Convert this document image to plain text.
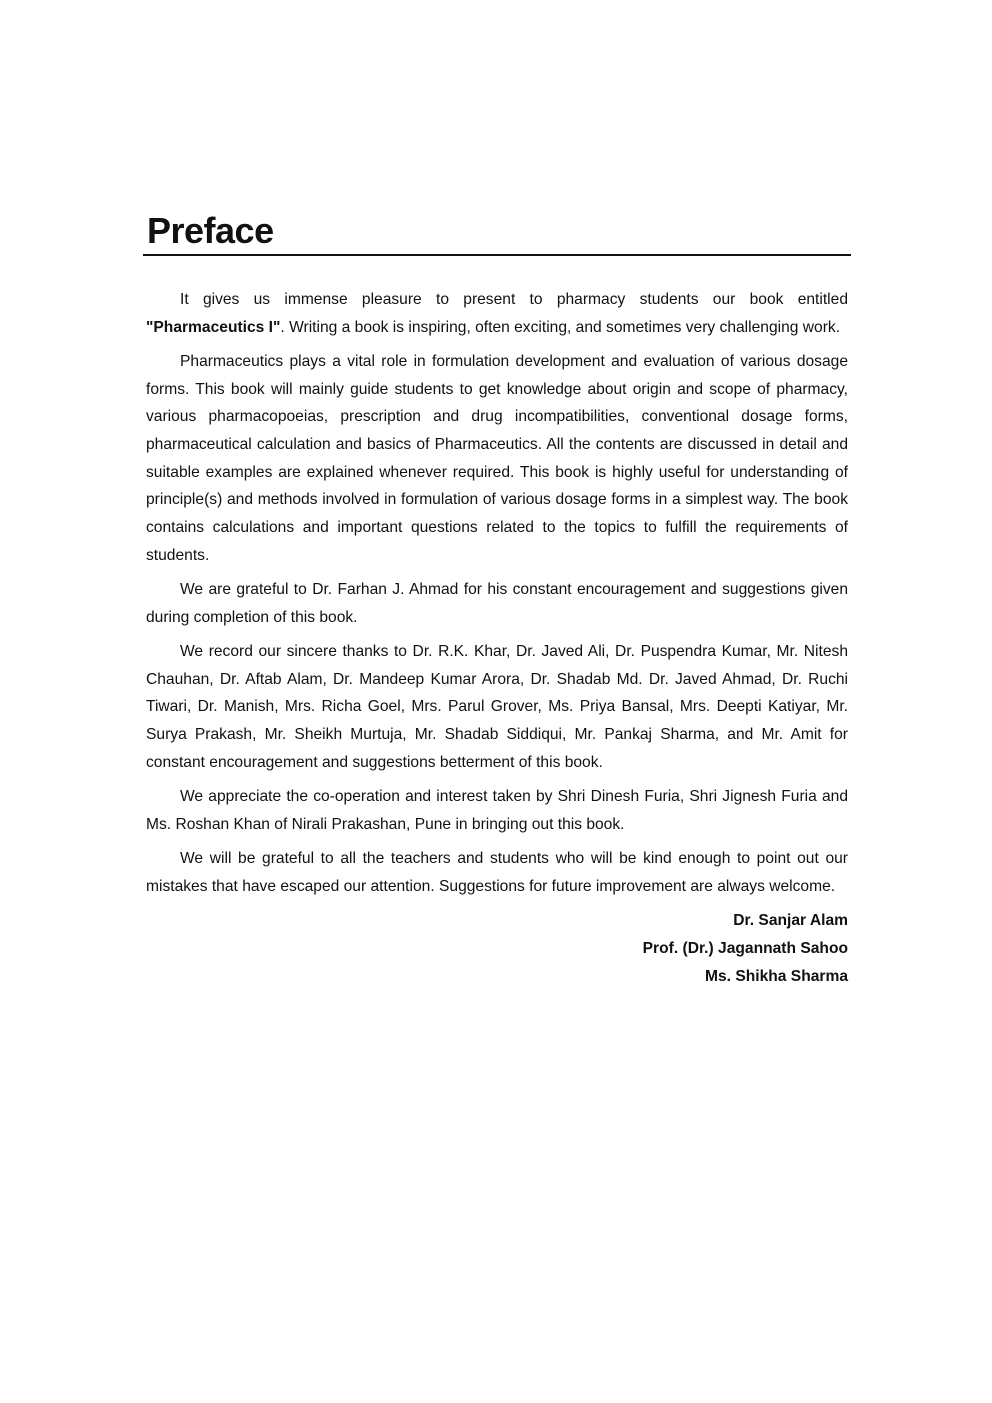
Preface

It gives us immense pleasure to present to pharmacy students our book entitled "Pharmaceutics I". Writing a book is inspiring, often exciting, and sometimes very challenging work.

Pharmaceutics plays a vital role in formulation development and evaluation of various dosage forms. This book will mainly guide students to get knowledge about origin and scope of pharmacy, various pharmacopoeias, prescription and drug incompatibilities, conventional dosage forms, pharmaceutical calculation and basics of Pharmaceutics. All the contents are discussed in detail and suitable examples are explained whenever required. This book is highly useful for understanding of principle(s) and methods involved in formulation of various dosage forms in a simplest way. The book contains calculations and important questions related to the topics to fulfill the requirements of students.

We are grateful to Dr. Farhan J. Ahmad for his constant encouragement and suggestions given during completion of this book.

We record our sincere thanks to Dr. R.K. Khar, Dr. Javed Ali, Dr. Puspendra Kumar, Mr. Nitesh Chauhan, Dr. Aftab Alam, Dr. Mandeep Kumar Arora, Dr. Shadab Md. Dr. Javed Ahmad, Dr. Ruchi Tiwari, Dr. Manish, Mrs. Richa Goel, Mrs. Parul Grover, Ms. Priya Bansal, Mrs. Deepti Katiyar, Mr. Surya Prakash, Mr. Sheikh Murtuja, Mr. Shadab Siddiqui, Mr. Pankaj Sharma, and Mr. Amit for constant encouragement and suggestions betterment of this book.

We appreciate the co-operation and interest taken by Shri Dinesh Furia, Shri Jignesh Furia and Ms. Roshan Khan of Nirali Prakashan, Pune in bringing out this book.

We will be grateful to all the teachers and students who will be kind enough to point out our mistakes that have escaped our attention. Suggestions for future improvement are always welcome.

Dr. Sanjar Alam
Prof. (Dr.) Jagannath Sahoo
Ms. Shikha Sharma
